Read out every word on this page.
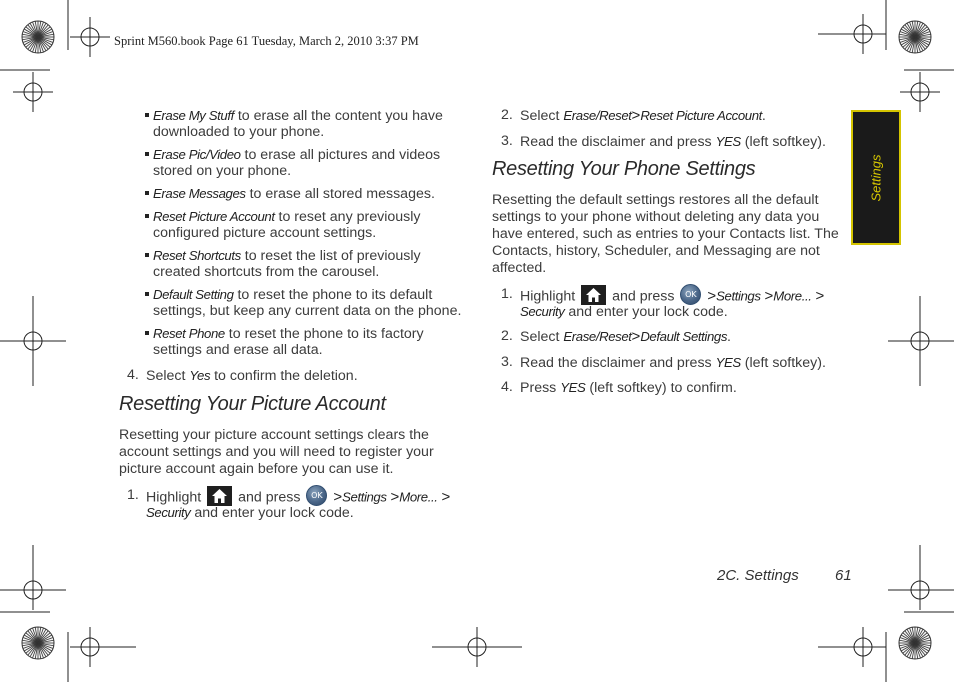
Sprint M560.book Page 61 Tuesday, March 2, 2010 3:37 PM

Erase My Stuff to erase all the content you have

downloaded to your phone.

Erase Pic/Video to erase all pictures and videos

stored on your phone.

Erase Messages to erase all stored messages.

Reset Picture Account to reset any previously

configured picture account settings.

Reset Shortcuts to reset the list of previously

created shortcuts from the carousel.

Default Setting to reset the phone to its default

settings, but keep any current data on the phone.

Reset Phone to reset the phone to its factory

settings and erase all data.

4. Select Yes to confirm the deletion.

Resetting Your Picture Account

Resetting your picture account settings clears the

account settings and you will need to register your

picture account again before you can use it.

1. Highlight	and press OK >Settings >More... >

Security and enter your lock code.

2. Select Erase/Reset>Reset Picture Account.

3. Read the disclaimer and press YES (left softkey).

Resetting Your Phone Settings

Resetting the default settings restores all the default

settings to your phone without deleting any data you

have entered, such as entries to your Contacts list. The

Contacts, history, Scheduler, and Messaging are not

affected.

1. Highlight	and press OK >Settings >More... >

Security and enter your lock code.

2. Select Erase/Reset>Default Settings.

3. Read the disclaimer and press YES (left softkey).

4. Press YES (left softkey) to confirm.

Settings
2C. Settings 61
